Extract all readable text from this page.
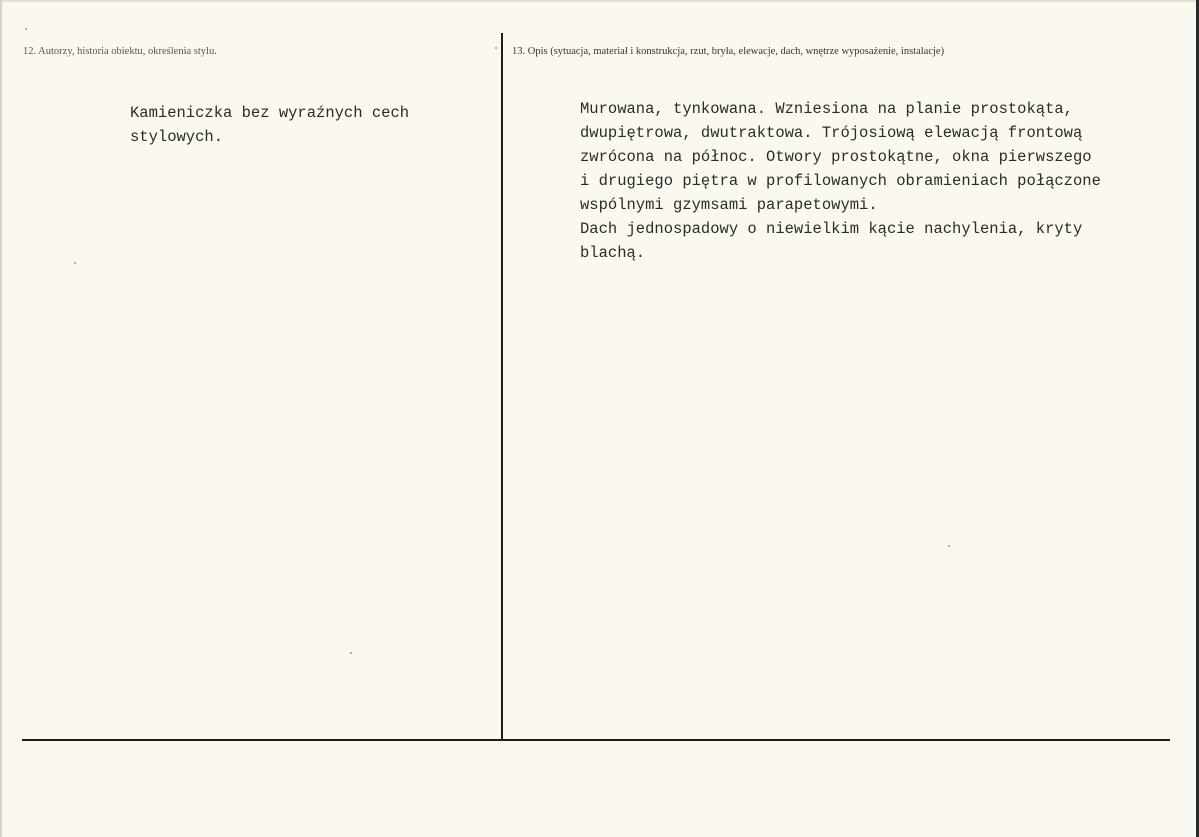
12. Autorzy, historia obiektu, określenia stylu.	13. Opis (sytuacja, materiał i konstrukcja, rzut, bryła, elewacje, dach, wnętrze wyposażenie, instalacje)
Kamieniczka bez wyraźnych cech
stylowych.
Murowana, tynkowana. Wzniesiona na planie prostokąta,
dwupiętrowa, dwutraktowa. Trójosiową elewacją frontową
zwrócona na północ. Otwory prostokątne, okna pierwszego
i drugiego piętra w profilowanych obramieniach połączone
wspólnymi gzymsami parapetowymi.
Dach jednospadowy o niewielkim kącie nachylenia, kryty
blachą.
